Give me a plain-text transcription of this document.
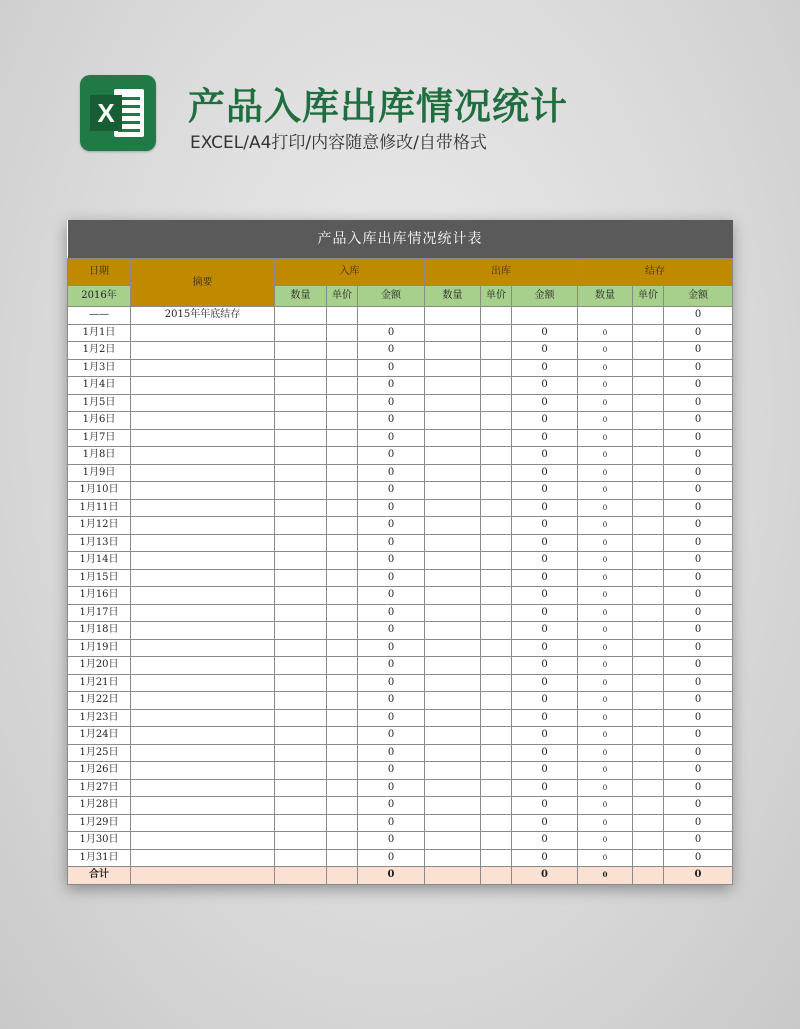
X 产品入库出库情况统计
EXCEL/A4打印/内容随意修改/自带格式
产品入库出库情况统计表										
日期	摘要	入库			出库			结存		
2016年		数量	单价	金额	数量	单价	金额	数量	单价	金额
——	2015年年底结存									0
1月1日				0			0	0		0
1月2日				0			0	0		0
1月3日				0			0	0		0
1月4日				0			0	0		0
1月5日				0			0	0		0
1月6日				0			0	0		0
1月7日				0			0	0		0
1月8日				0			0	0		0
1月9日				0			0	0		0
1月10日				0			0	0		0
1月11日				0			0	0		0
1月12日				0			0	0		0
1月13日				0			0	0		0
1月14日				0			0	0		0
1月15日				0			0	0		0
1月16日				0			0	0		0
1月17日				0			0	0		0
1月18日				0			0	0		0
1月19日				0			0	0		0
1月20日				0			0	0		0
1月21日				0			0	0		0
1月22日				0			0	0		0
1月23日				0			0	0		0
1月24日				0			0	0		0
1月25日				0			0	0		0
1月26日				0			0	0		0
1月27日				0			0	0		0
1月28日				0			0	0		0
1月29日				0			0	0		0
1月30日				0			0	0		0
1月31日				0			0	0		0
合计				0			0	0		0
